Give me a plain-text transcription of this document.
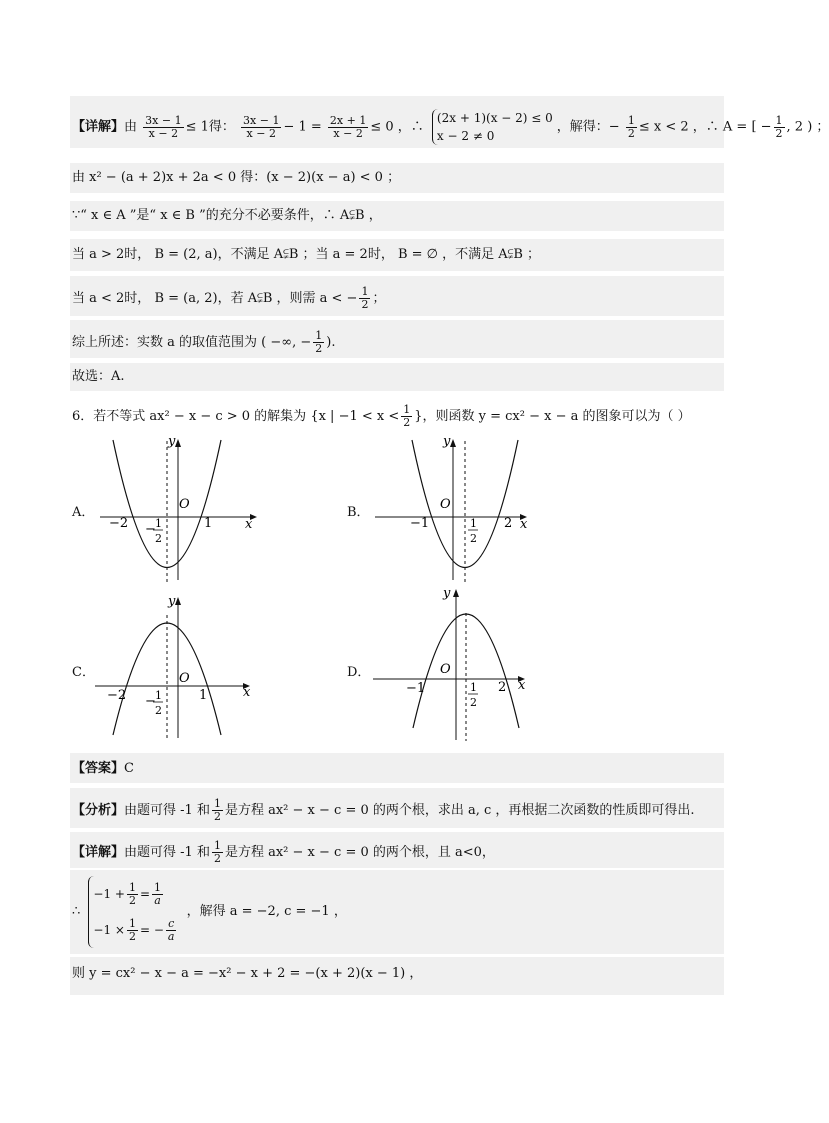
【详解】由 $\frac{3x - 1}{x - 2} \le 1$得： $\frac{3x - 1}{x - 2} - 1 = \frac{2x + 1}{x - 2} \le 0$ ，∴
(2x + 1)(x − 2) ≤ 0
x − 2 ≠ 0
，解得：− $\frac{1}{2} \le x < 2$ ，∴ A = [ − $\frac{1}{2}$ , 2 ) ；
由 x² − (a + 2)x + 2a < 0 得：(x − 2)(x − a) < 0 ；
∵“ x ∈ A ”是“ x ∈ B ”的充分不必要条件，∴ A⫋B ，
当 a > 2时， B = (2, a)，不满足 A⫋B ；当 a = 2时， B = ∅ ，不满足 A⫋B ；
当 a < 2时， B = (a, 2)，若 A⫋B ，则需 a < − $\frac{1}{2}$ ；
综上所述：实数 a 的取值范围为 ( −∞, − $\frac{1}{2}$ ).
故选：A.
6．若不等式 ax² − x − c > 0 的解集为 {x | $-1 < x < \frac{1}{2}$ }，则函数 y = cx² − x − a 的图象可以为（ ）
A．
x
y
O
−2 − 1
2
1
B．
x
y
O
−1	1
2
2
C．
x
y
O
−2 − 1
2
1
D．
x
y
O
−1	1
2
2
【答案】C
【分析】由题可得 -1 和 $\frac{1}{2}$ 是方程 ax² − x − c = 0 的两个根，求出 a, c ，再根据二次函数的性质即可得出.
【详解】由题可得 -1 和 $\frac{1}{2}$ 是方程 ax² − x − c = 0 的两个根，且 a<0，
∴
$-1 + \frac{1}{2} = \frac{1}{a}$
$-1 \times \frac{1}{2}$ = − $\frac{c}{a}$
，解得 a = −2, c = −1 ，
则 y = cx² − x − a = −x² − x + 2 = −(x + 2)(x − 1) ，
